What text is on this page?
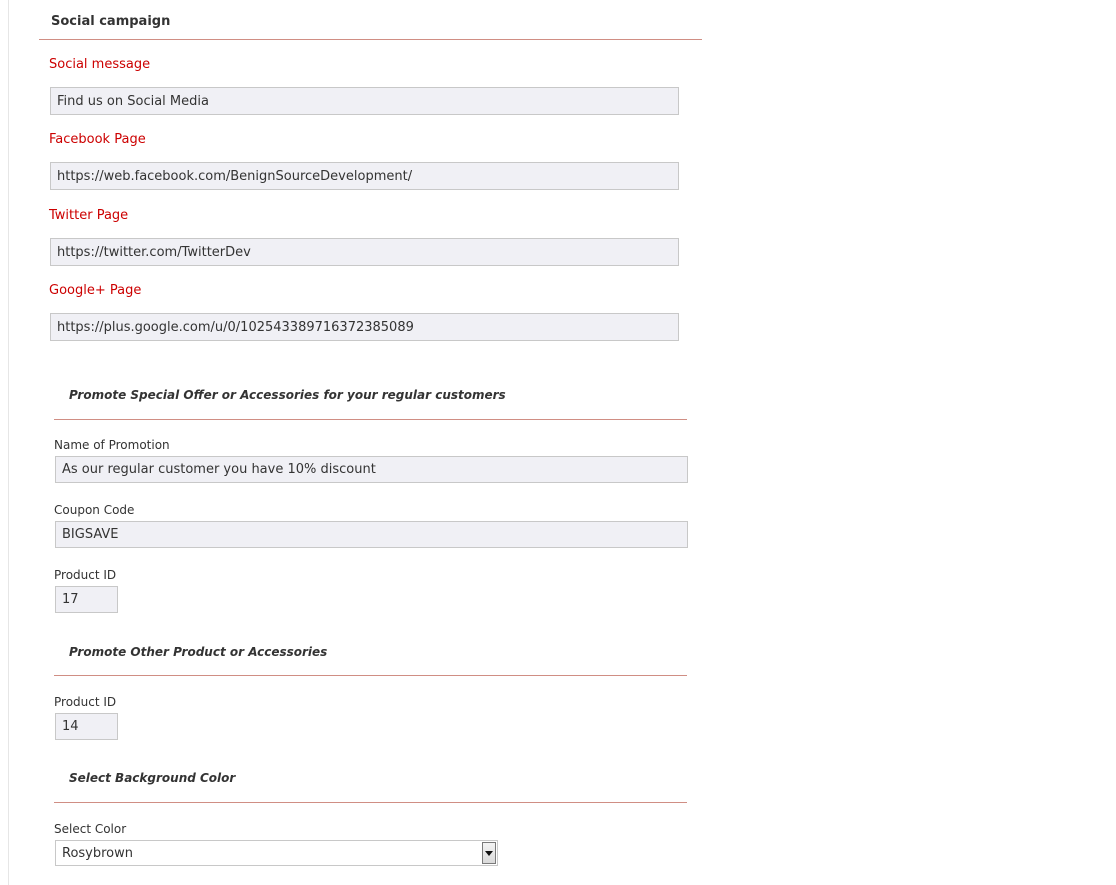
Social campaign
Social message
Find us on Social Media
Facebook Page
https://web.facebook.com/BenignSourceDevelopment/
Twitter Page
https://twitter.com/TwitterDev
Google+ Page
https://plus.google.com/u/0/102543389716372385089
Promote Special Offer or Accessories for your regular customers
Name of Promotion
As our regular customer you have 10% discount
Coupon Code
BIGSAVE
Product ID
17
Promote Other Product or Accessories
Product ID
14
Select Background Color
Select Color
Rosybrown
